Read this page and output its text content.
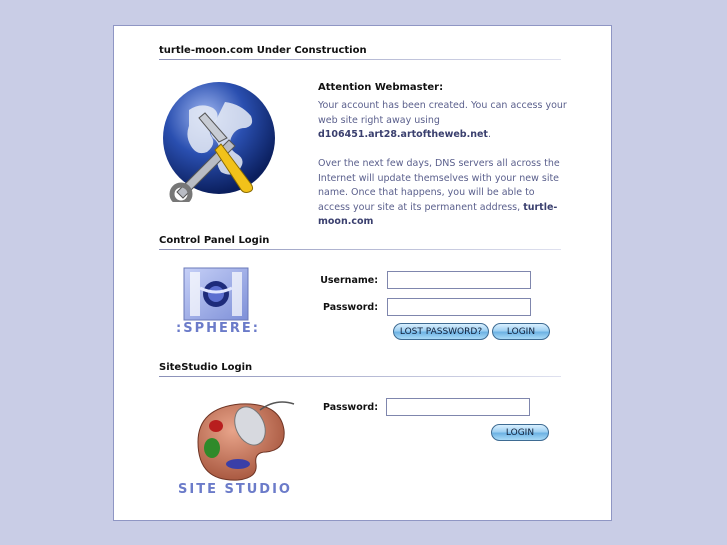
turtle-moon.com Under Construction
Attention Webmaster:
Your account has been created. You can access your web site right away using d106451.art28.artoftheweb.net.
Over the next few days, DNS servers all across the Internet will update themselves with your new site name. Once that happens, you will be able to access your site at its permanent address, turtle-moon.com
Control Panel Login
:SPHERE:
Username:
Password:
LOST PASSWORD?	LOGIN
SiteStudio Login
SITE STUDIO
Password:
LOGIN
